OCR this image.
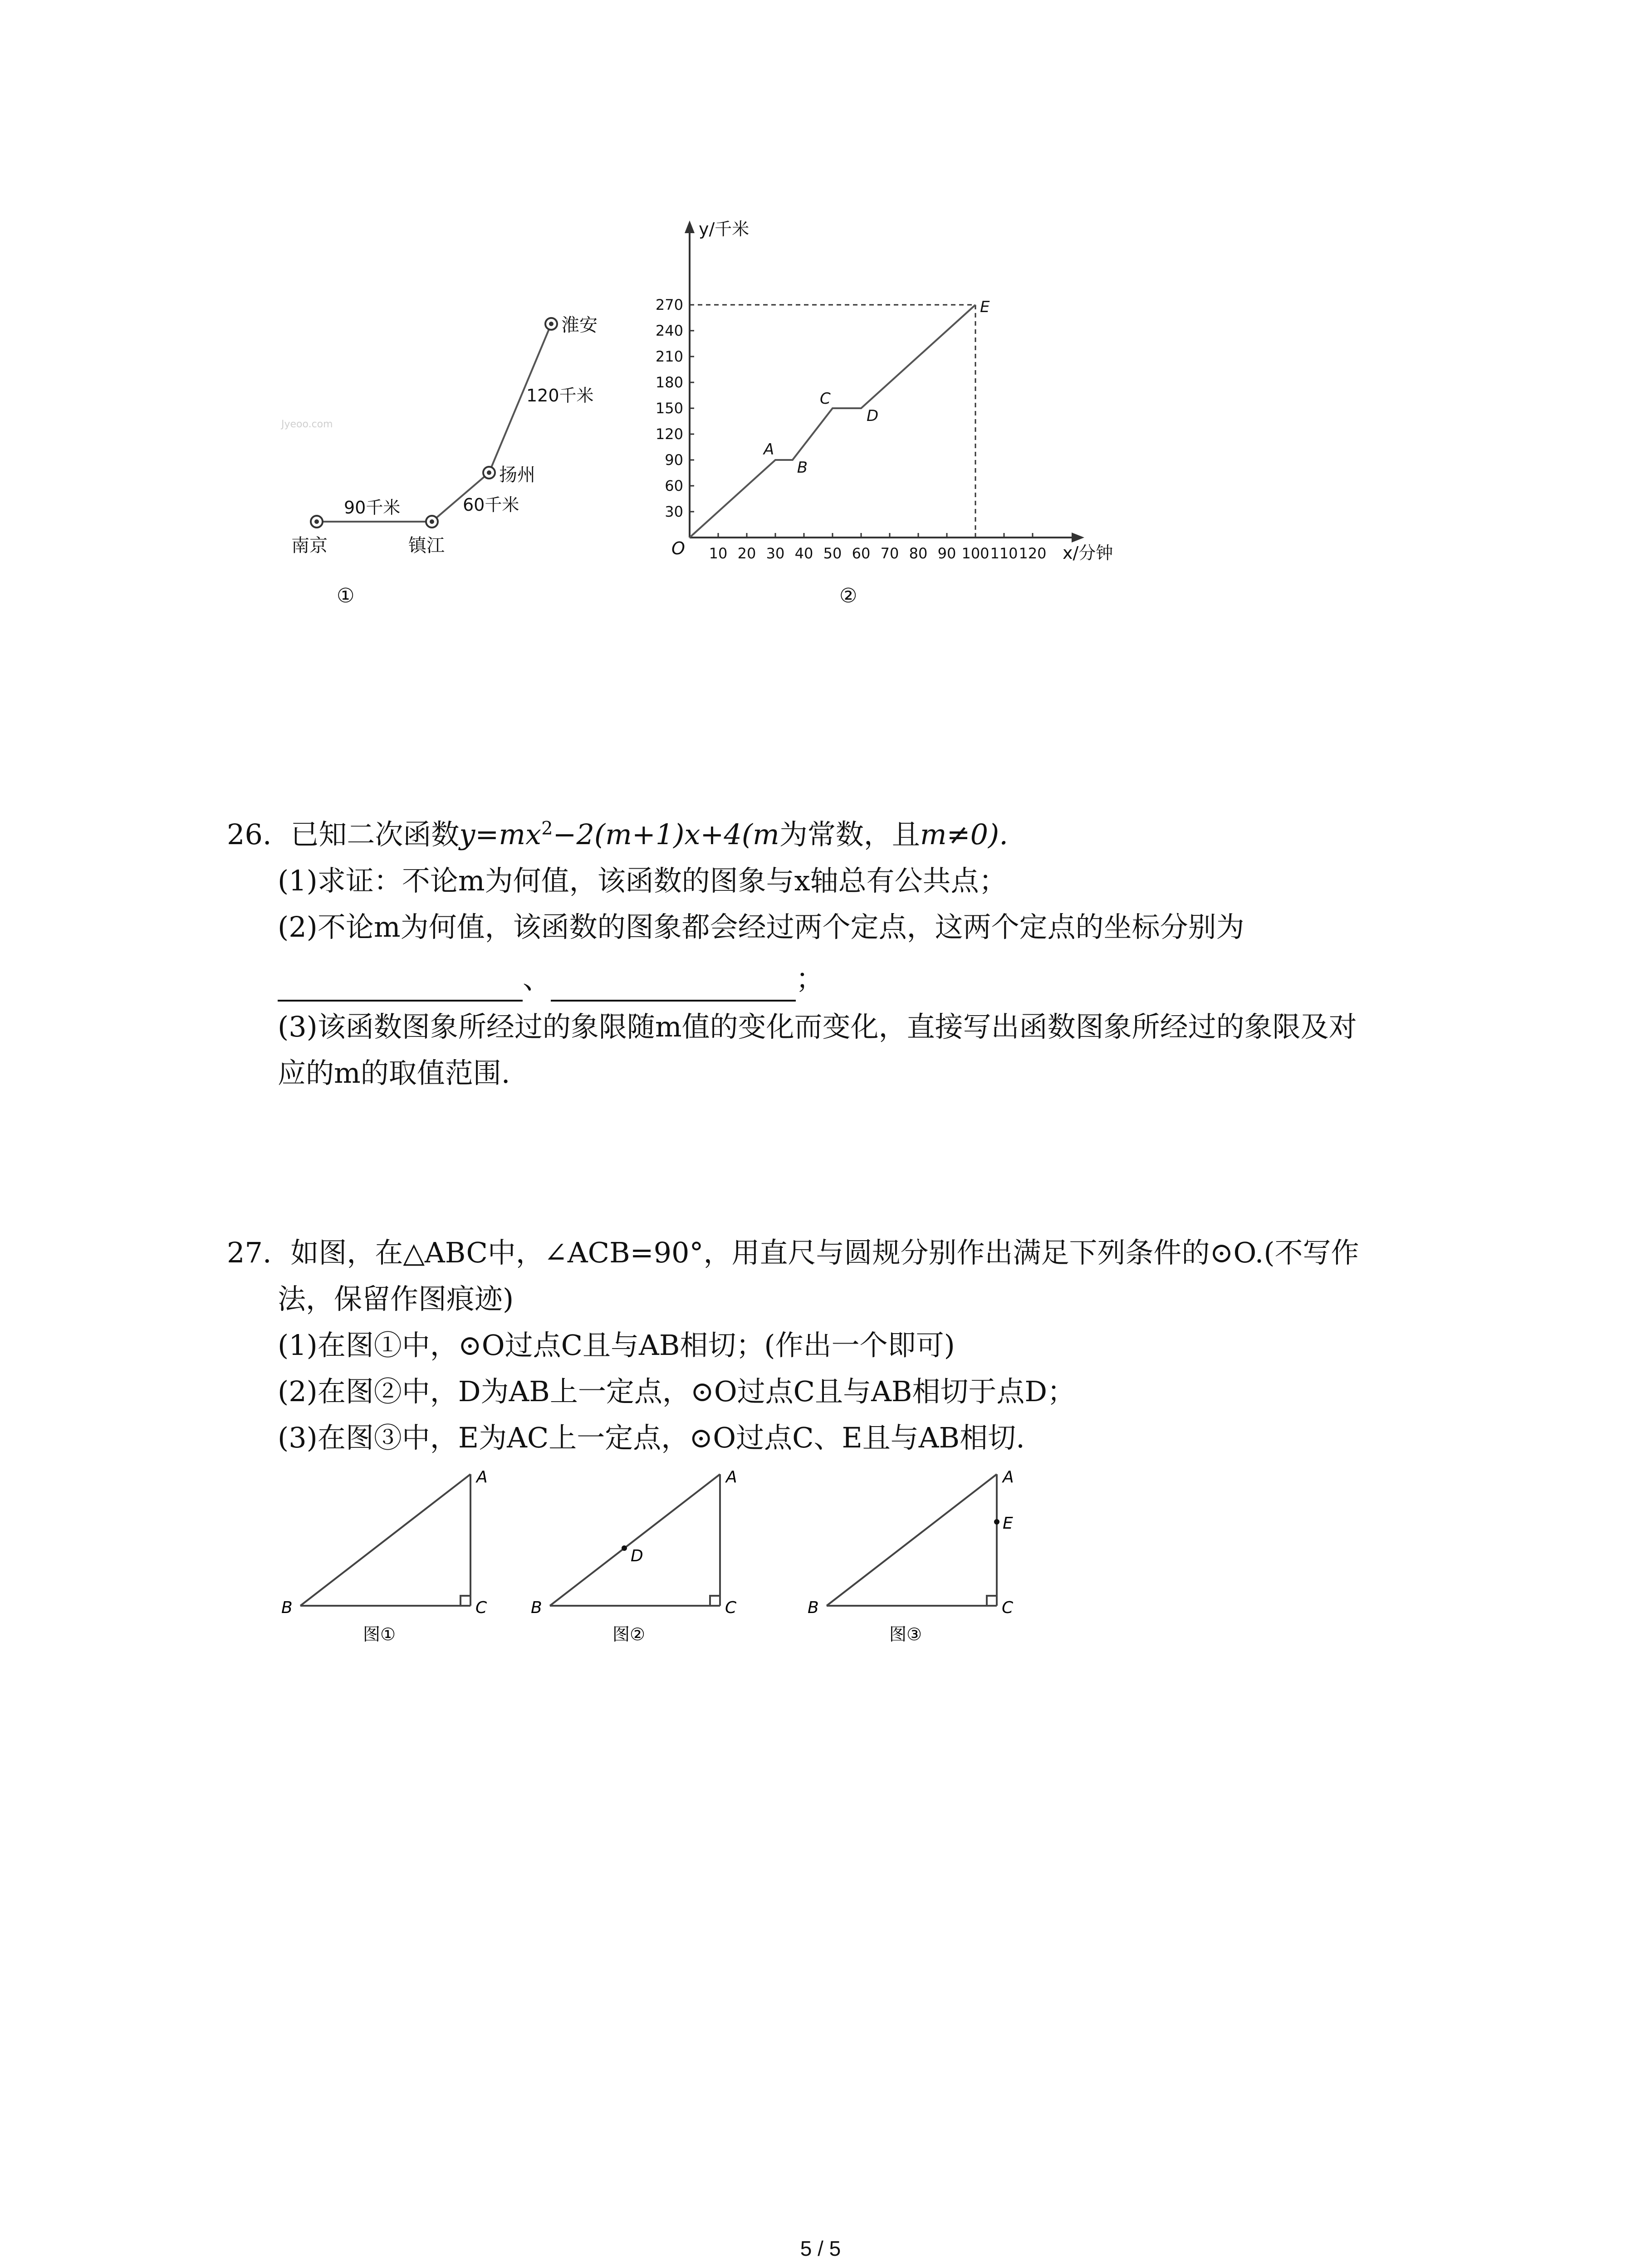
南京	镇江
扬州
淮安
90千米	60千米
120千米
Jyeoo.com
①
10 20 30 40 50 60 70 80 90 100 110 120
30
60
90
120
150
180
210
240
270
A
B
C
D
E
y/千米
x/分钟
O
②
26. 已知二次函数$y=mx^2-2(m+1)x+4(m$为常数，且m≠0).
(1)求证：不论m为何值，该函数的图象与x轴总有公共点；
(2)不论m为何值，该函数的图象都会经过两个定点，这两个定点的坐标分别为
、	；
(3)该函数图象所经过的象限随m值的变化而变化，直接写出函数图象所经过的象限及对
应的m的取值范围.
27. 如图，在△ABC中，∠ACB=90°，用直尺与圆规分别作出满足下列条件的⊙O.(不写作
法，保留作图痕迹)
(1)在图①中，⊙O过点C且与AB相切；(作出一个即可)
(2)在图②中，D为AB上一定点，⊙O过点C且与AB相切于点D；
(3)在图③中，E为AC上一定点，⊙O过点C、E且与AB相切.
A
B	C
图①
D
A
B	C
图②
E
A
B	C
图③
5 / 5
